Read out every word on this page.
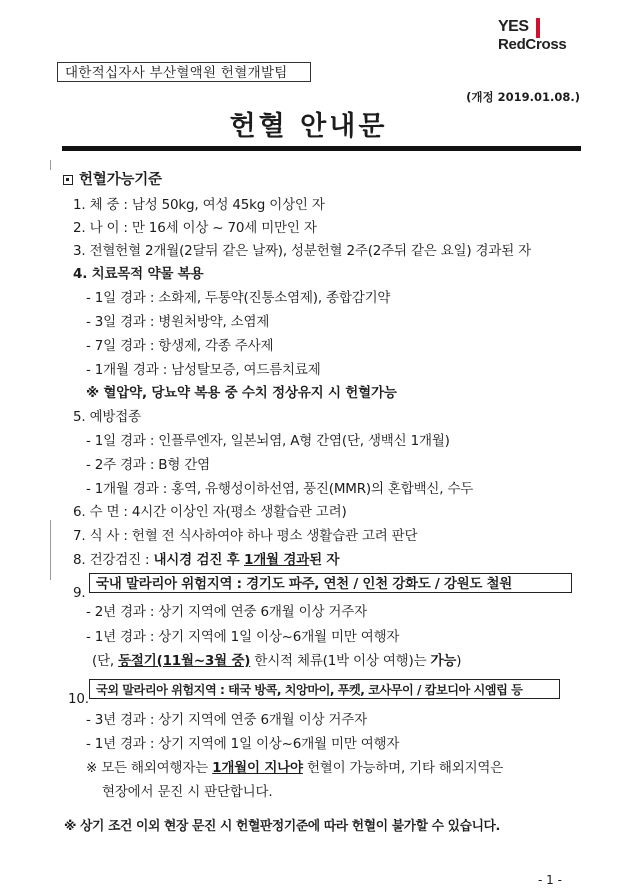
YES
RedCross
대한적십자사 부산혈액원 헌혈개발팀
(개정 2019.01.08.)
헌혈 안내문
헌혈가능기준
1. 체 중 : 남성 50kg, 여성 45kg 이상인 자
2. 나 이 : 만 16세 이상 ~ 70세 미만인 자
3. 전혈헌혈 2개월(2달뒤 같은 날짜), 성분헌혈 2주(2주뒤 같은 요일) 경과된 자
4. 치료목적 약물 복용
- 1일 경과 : 소화제, 두통약(진통소염제), 종합감기약
- 3일 경과 : 병원처방약, 소염제
- 7일 경과 : 항생제, 각종 주사제
- 1개월 경과 : 남성탈모증, 여드름치료제
※ 혈압약, 당뇨약 복용 중 수치 정상유지 시 헌혈가능
5. 예방접종
- 1일 경과 : 인플루엔자, 일본뇌염, A형 간염(단, 생백신 1개월)
- 2주 경과 : B형 간염
- 1개월 경과 : 홍역, 유행성이하선염, 풍진(MMR)의 혼합백신, 수두
6. 수 면 : 4시간 이상인 자(평소 생활습관 고려)
7. 식 사 : 헌혈 전 식사하여야 하나 평소 생활습관 고려 판단
8. 건강검진 : 내시경 검진 후 1개월 경과된 자
9.
국내 말라리아 위험지역 : 경기도 파주, 연천 / 인천 강화도 / 강원도 철원
- 2년 경과 : 상기 지역에 연중 6개월 이상 거주자
- 1년 경과 : 상기 지역에 1일 이상~6개월 미만 여행자
(단, 동절기(11월~3월 중) 한시적 체류(1박 이상 여행)는 가능)
10.
국외 말라리아 위험지역 : 태국 방콕, 치앙마이, 푸켓, 코사무이 / 캄보디아 시엠립 등
- 3년 경과 : 상기 지역에 연중 6개월 이상 거주자
- 1년 경과 : 상기 지역에 1일 이상~6개월 미만 여행자
※ 모든 해외여행자는 1개월이 지나야 헌혈이 가능하며, 기타 해외지역은
현장에서 문진 시 판단합니다.
※ 상기 조건 이외 현장 문진 시 헌혈판정기준에 따라 헌혈이 불가할 수 있습니다.
- 1 -
